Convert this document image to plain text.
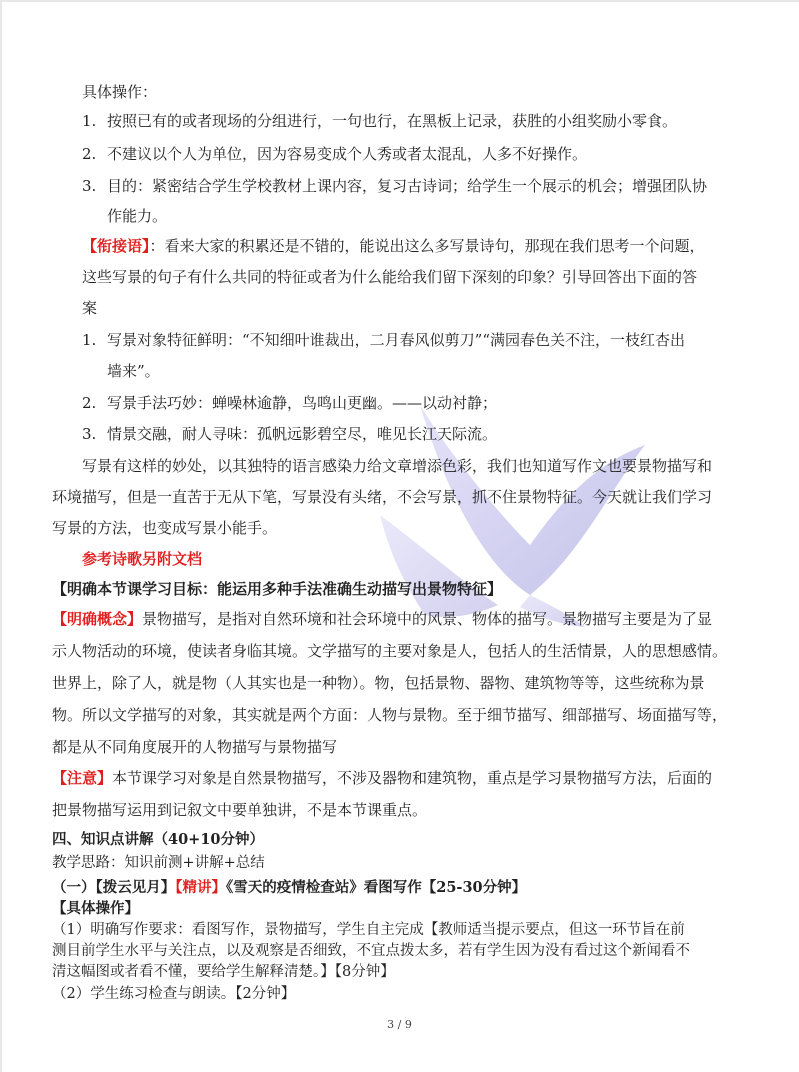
具体操作：
1. 按照已有的或者现场的分组进行，一句也行，在黑板上记录，获胜的小组奖励小零食。
2. 不建议以个人为单位，因为容易变成个人秀或者太混乱，人多不好操作。
3. 目的：紧密结合学生学校教材上课内容，复习古诗词；给学生一个展示的机会；增强团队协
作能力。
【衔接语】：看来大家的积累还是不错的，能说出这么多写景诗句，那现在我们思考一个问题，
这些写景的句子有什么共同的特征或者为什么能给我们留下深刻的印象？引导回答出下面的答
案
1. 写景对象特征鲜明：“不知细叶谁裁出，二月春风似剪刀”“满园春色关不注，一枝红杏出
墙来”。
2. 写景手法巧妙：蝉噪林逾静，鸟鸣山更幽。——以动衬静；
3. 情景交融，耐人寻味：孤帆远影碧空尽，唯见长江天际流。
写景有这样的妙处，以其独特的语言感染力给文章增添色彩，我们也知道写作文也要景物描写和
环境描写，但是一直苦于无从下笔，写景没有头绪，不会写景，抓不住景物特征。今天就让我们学习
写景的方法，也变成写景小能手。
参考诗歌另附文档
【明确本节课学习目标：能运用多种手法准确生动描写出景物特征】
【明确概念】景物描写，是指对自然环境和社会环境中的风景、物体的描写。景物描写主要是为了显
示人物活动的环境，使读者身临其境。文学描写的主要对象是人，包括人的生活情景，人的思想感情。
世界上，除了人，就是物（人其实也是一种物）。物，包括景物、器物、建筑物等等，这些统称为景
物。所以文学描写的对象，其实就是两个方面：人物与景物。至于细节描写、细部描写、场面描写等，
都是从不同角度展开的人物描写与景物描写
【注意】本节课学习对象是自然景物描写，不涉及器物和建筑物，重点是学习景物描写方法，后面的
把景物描写运用到记叙文中要单独讲，不是本节课重点。
四、知识点讲解（40+10分钟）
教学思路：知识前测+讲解+总结
（一）【拨云见月】【精讲】《雪天的疫情检查站》看图写作【25-30分钟】
【具体操作】
（1）明确写作要求：看图写作，景物描写，学生自主完成【教师适当提示要点，但这一环节旨在前
测目前学生水平与关注点，以及观察是否细致，不宜点拨太多，若有学生因为没有看过这个新闻看不
清这幅图或者看不懂，要给学生解释清楚。】【8分钟】
（2）学生练习检查与朗读。【2分钟】
3 / 9
